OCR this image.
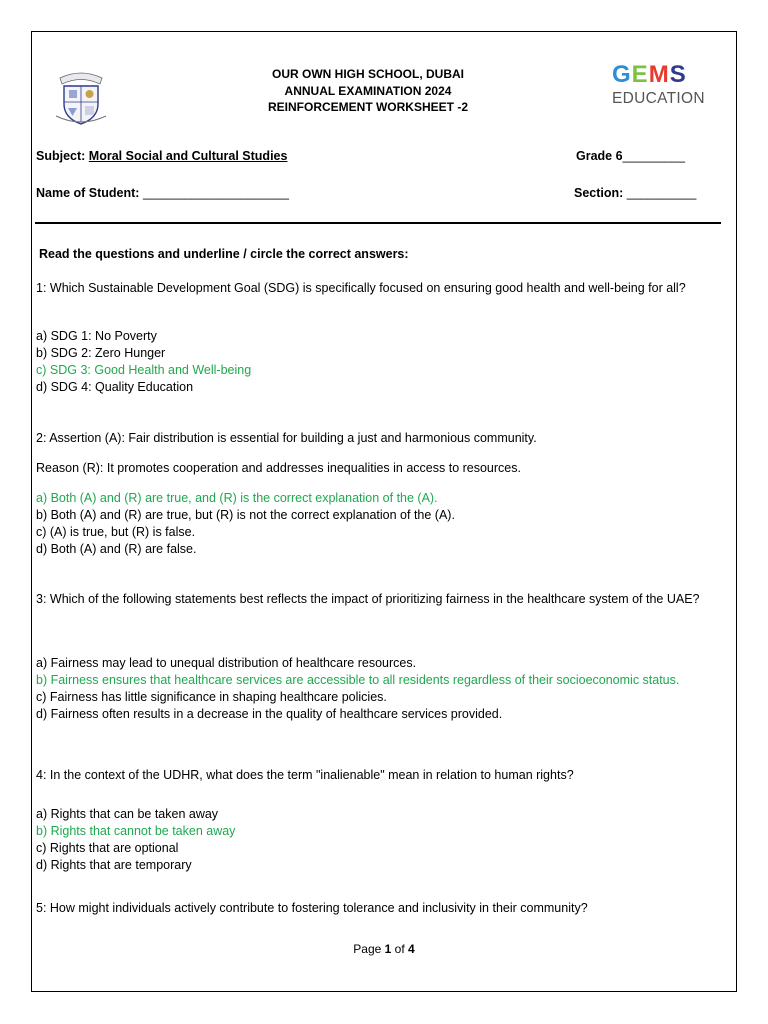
OUR OWN HIGH SCHOOL, DUBAI
ANNUAL EXAMINATION 2024
REINFORCEMENT WORKSHEET -2
GEMS
EDUCATION
Subject: Moral Social and Cultural Studies	Grade 6_________
Name of Student: _____________________	Section: __________
Read the questions and underline / circle the correct answers:
1: Which Sustainable Development Goal (SDG) is specifically focused on ensuring good health and well-being for all?
a) SDG 1: No Poverty
b) SDG 2: Zero Hunger
c) SDG 3: Good Health and Well-being
d) SDG 4: Quality Education
2: Assertion (A): Fair distribution is essential for building a just and harmonious community.
Reason (R): It promotes cooperation and addresses inequalities in access to resources.
a) Both (A) and (R) are true, and (R) is the correct explanation of the (A).
b) Both (A) and (R) are true, but (R) is not the correct explanation of the (A).
c) (A) is true, but (R) is false.
d) Both (A) and (R) are false.
3: Which of the following statements best reflects the impact of prioritizing fairness in the healthcare system of the UAE?
a) Fairness may lead to unequal distribution of healthcare resources.
b) Fairness ensures that healthcare services are accessible to all residents regardless of their socioeconomic status.
c) Fairness has little significance in shaping healthcare policies.
d) Fairness often results in a decrease in the quality of healthcare services provided.
4: In the context of the UDHR, what does the term "inalienable" mean in relation to human rights?
a) Rights that can be taken away
b) Rights that cannot be taken away
c) Rights that are optional
d) Rights that are temporary
5: How might individuals actively contribute to fostering tolerance and inclusivity in their community?
Page 1 of 4
